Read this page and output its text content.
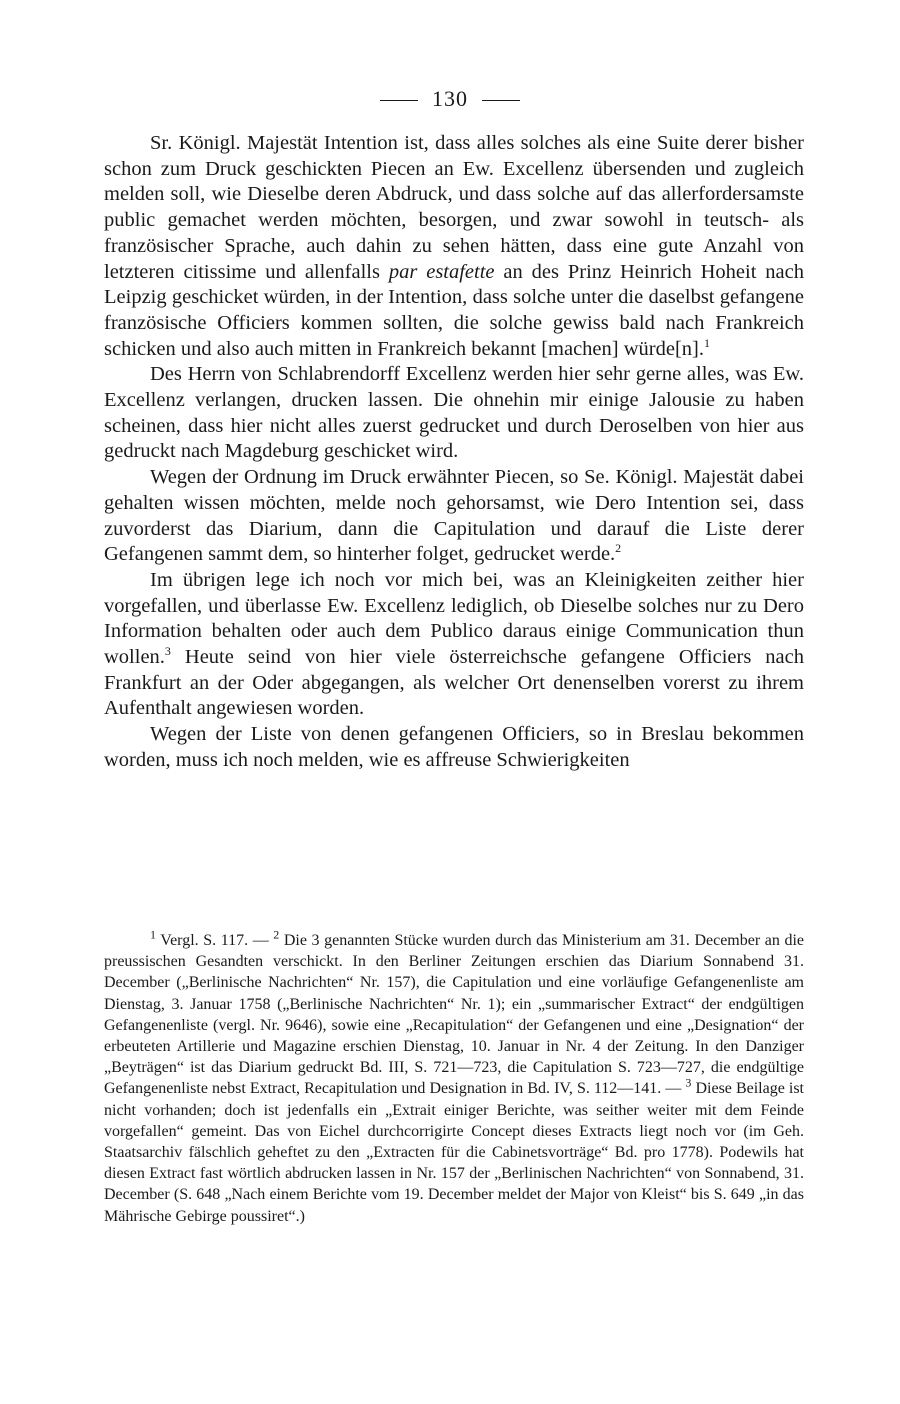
130

Sr. Königl. Majestät Intention ist, dass alles solches als eine Suite derer bisher schon zum Druck geschickten Piecen an Ew. Excellenz übersenden und zugleich melden soll, wie Dieselbe deren Abdruck, und dass solche auf das allerfordersamste public gemachet werden möchten, besorgen, und zwar sowohl in teutsch- als französischer Sprache, auch dahin zu sehen hätten, dass eine gute Anzahl von letzteren citissime und allenfalls par estafette an des Prinz Heinrich Hoheit nach Leipzig geschicket würden, in der Intention, dass solche unter die daselbst gefangene französische Officiers kommen sollten, die solche gewiss bald nach Frankreich schicken und also auch mitten in Frankreich bekannt [machen] würde[n].$^1$

Des Herrn von Schlabrendorff Excellenz werden hier sehr gerne alles, was Ew. Excellenz verlangen, drucken lassen. Die ohnehin mir einige Jalousie zu haben scheinen, dass hier nicht alles zuerst gedrucket und durch Deroselben von hier aus gedruckt nach Magdeburg geschicket wird.

Wegen der Ordnung im Druck erwähnter Piecen, so Se. Königl. Majestät dabei gehalten wissen möchten, melde noch gehorsamst, wie Dero Intention sei, dass zuvorderst das Diarium, dann die Capitulation und darauf die Liste derer Gefangenen sammt dem, so hinterher folget, gedrucket werde.$^2$

Im übrigen lege ich noch vor mich bei, was an Kleinigkeiten zeither hier vorgefallen, und überlasse Ew. Excellenz lediglich, ob Dieselbe solches nur zu Dero Information behalten oder auch dem Publico daraus einige Communication thun wollen.$^3$ Heute seind von hier viele österreichsche gefangene Officiers nach Frankfurt an der Oder abgegangen, als welcher Ort denenselben vorerst zu ihrem Aufenthalt angewiesen worden.

Wegen der Liste von denen gefangenen Officiers, so in Breslau bekommen worden, muss ich noch melden, wie es affreuse Schwierigkeiten

$^1$ Vergl. S. 117. — $^2$ Die 3 genannten Stücke wurden durch das Ministerium am 31. December an die preussischen Gesandten verschickt. In den Berliner Zeitungen erschien das Diarium Sonnabend 31. December („Berlinische Nachrichten“ Nr. 157), die Capitulation und eine vorläufige Gefangenenliste am Dienstag, 3. Januar 1758 („Berlinische Nachrichten“ Nr. 1); ein „summarischer Extract“ der endgültigen Gefangenenliste (vergl. Nr. 9646), sowie eine „Recapitulation“ der Gefangenen und eine „Designation“ der erbeuteten Artillerie und Magazine erschien Dienstag, 10. Januar in Nr. 4 der Zeitung. In den Danziger „Beyträgen“ ist das Diarium gedruckt Bd. III, S. 721—723, die Capitulation S. 723—727, die endgültige Gefangenenliste nebst Extract, Recapitulation und Designation in Bd. IV, S. 112—141. — $^3$ Diese Beilage ist nicht vorhanden; doch ist jedenfalls ein „Extrait einiger Berichte, was seither weiter mit dem Feinde vorgefallen“ gemeint. Das von Eichel durchcorrigirte Concept dieses Extracts liegt noch vor (im Geh. Staatsarchiv fälschlich geheftet zu den „Extracten für die Cabinetsvorträge“ Bd. pro 1778). Podewils hat diesen Extract fast wörtlich abdrucken lassen in Nr. 157 der „Berlinischen Nachrichten“ von Sonnabend, 31. December (S. 648 „Nach einem Berichte vom 19. December meldet der Major von Kleist“ bis S. 649 „in das Mährische Gebirge poussiret“.)
